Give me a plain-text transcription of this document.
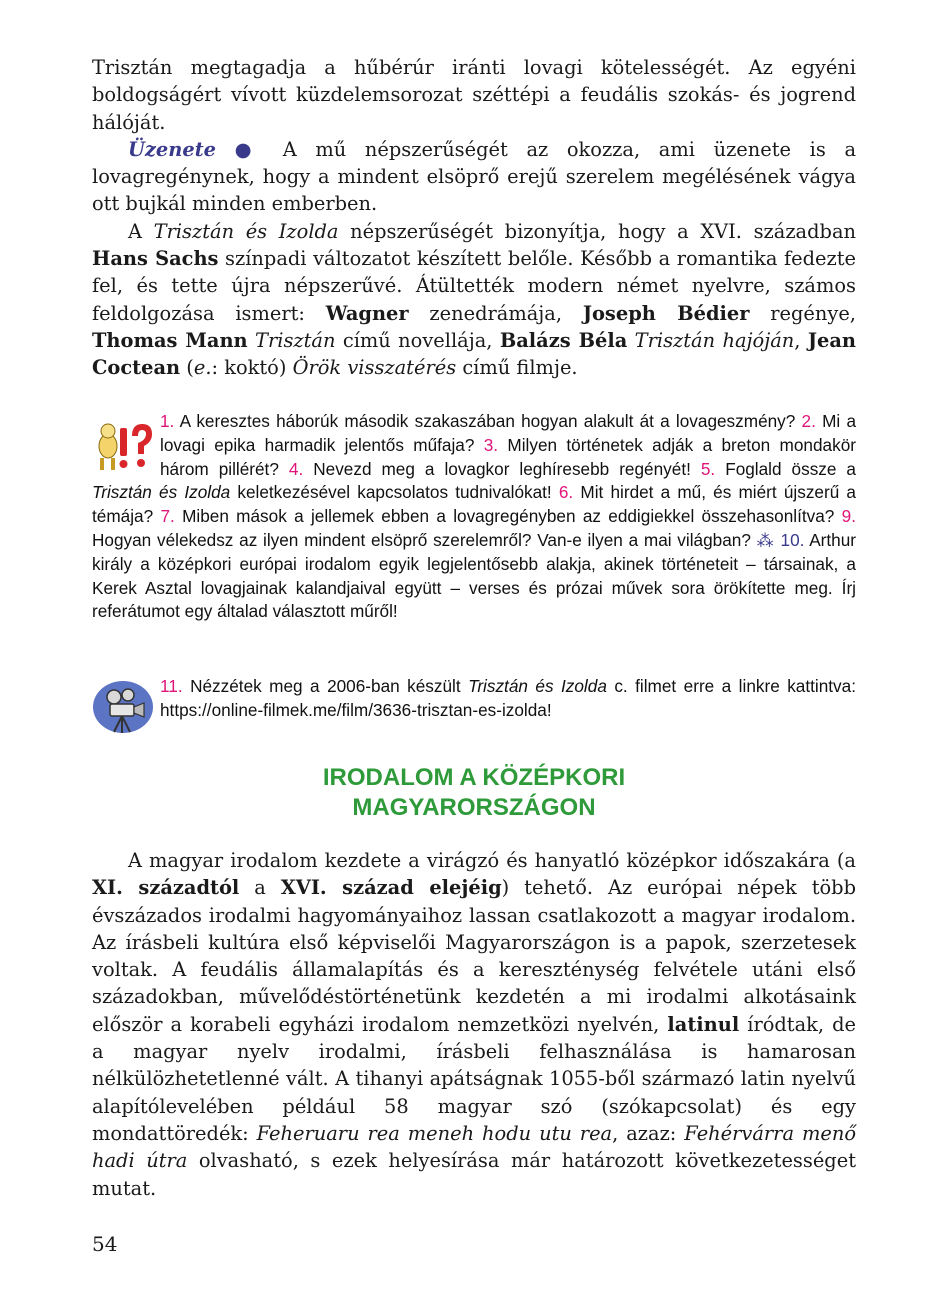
Trisztán megtagadja a hűbérúr iránti lovagi kötelességét. Az egyéni boldogságért vívott küzdelemsorozat széttépi a feudális szokás- és jogrend hálóját.

Üzenete ● A mű népszerűségét az okozza, ami üzenete is a lovagregénynek, hogy a mindent elsöprő erejű szerelem megélésének vágya ott bujkál minden emberben.

A Trisztán és Izolda népszerűségét bizonyítja, hogy a XVI. században Hans Sachs színpadi változatot készített belőle. Később a romantika fedezte fel, és tette újra népszerűvé. Átültették modern német nyelvre, számos feldolgozása ismert: Wagner zenedrámája, Joseph Bédier regénye, Thomas Mann Trisztán című novellája, Balázs Béla Trisztán hajóján, Jean Coctean (e.: koktó) Örök visszatérés című filmje.

1. A keresztes háborúk második szakaszában hogyan alakult át a lovageszmény? 2. Mi a lovagi epika harmadik jelentős műfaja? 3. Milyen történetek adják a breton mondakör három pillérét? 4. Nevezd meg a lovagkor leghíresebb regényét! 5. Foglald össze a Trisztán és Izolda keletkezésével kapcsolatos tudnivalókat! 6. Mit hirdet a mű, és miért újszerű a témája? 7. Miben mások a jellemek ebben a lovagregényben az eddigiekkel összehasonlítva? 9. Hogyan vélekedsz az ilyen mindent elsöprő szerelemről? Van-e ilyen a mai világban? ⁂ 10. Arthur király a középkori európai irodalom egyik legjelentősebb alakja, akinek történeteit – társainak, a Kerek Asztal lovagjainak kalandjaival együtt – verses és prózai művek sora örökítette meg. Írj referátumot egy általad választott műről!
11. Nézzétek meg a 2006-ban készült Trisztán és Izolda c. filmet erre a linkre kattintva: https://online-filmek.me/film/3636-trisztan-es-izolda!
IRODALOM A KÖZÉPKORI
MAGYARORSZÁGON

A magyar irodalom kezdete a virágzó és hanyatló középkor időszakára (a XI. századtól a XVI. század elejéig) tehető. Az európai népek több évszázados irodalmi hagyományaihoz lassan csatlakozott a magyar irodalom. Az írásbeli kultúra első képviselői Magyarországon is a papok, szerzetesek voltak. A feudális államalapítás és a kereszténység felvétele utáni első századokban, művelődéstörténetünk kezdetén a mi irodalmi alkotásaink először a korabeli egyházi irodalom nemzetközi nyelvén, latinul íródtak, de a magyar nyelv irodalmi, írásbeli felhasználása is hamarosan nélkülözhetetlenné vált. A tihanyi apátságnak 1055-ből származó latin nyelvű alapítólevelében például 58 magyar szó (szókapcsolat) és egy mondattöredék: Feheruaru rea meneh hodu utu rea, azaz: Fehérvárra menő hadi útra olvasható, s ezek helyesírása már határozott következetességet mutat.

54
